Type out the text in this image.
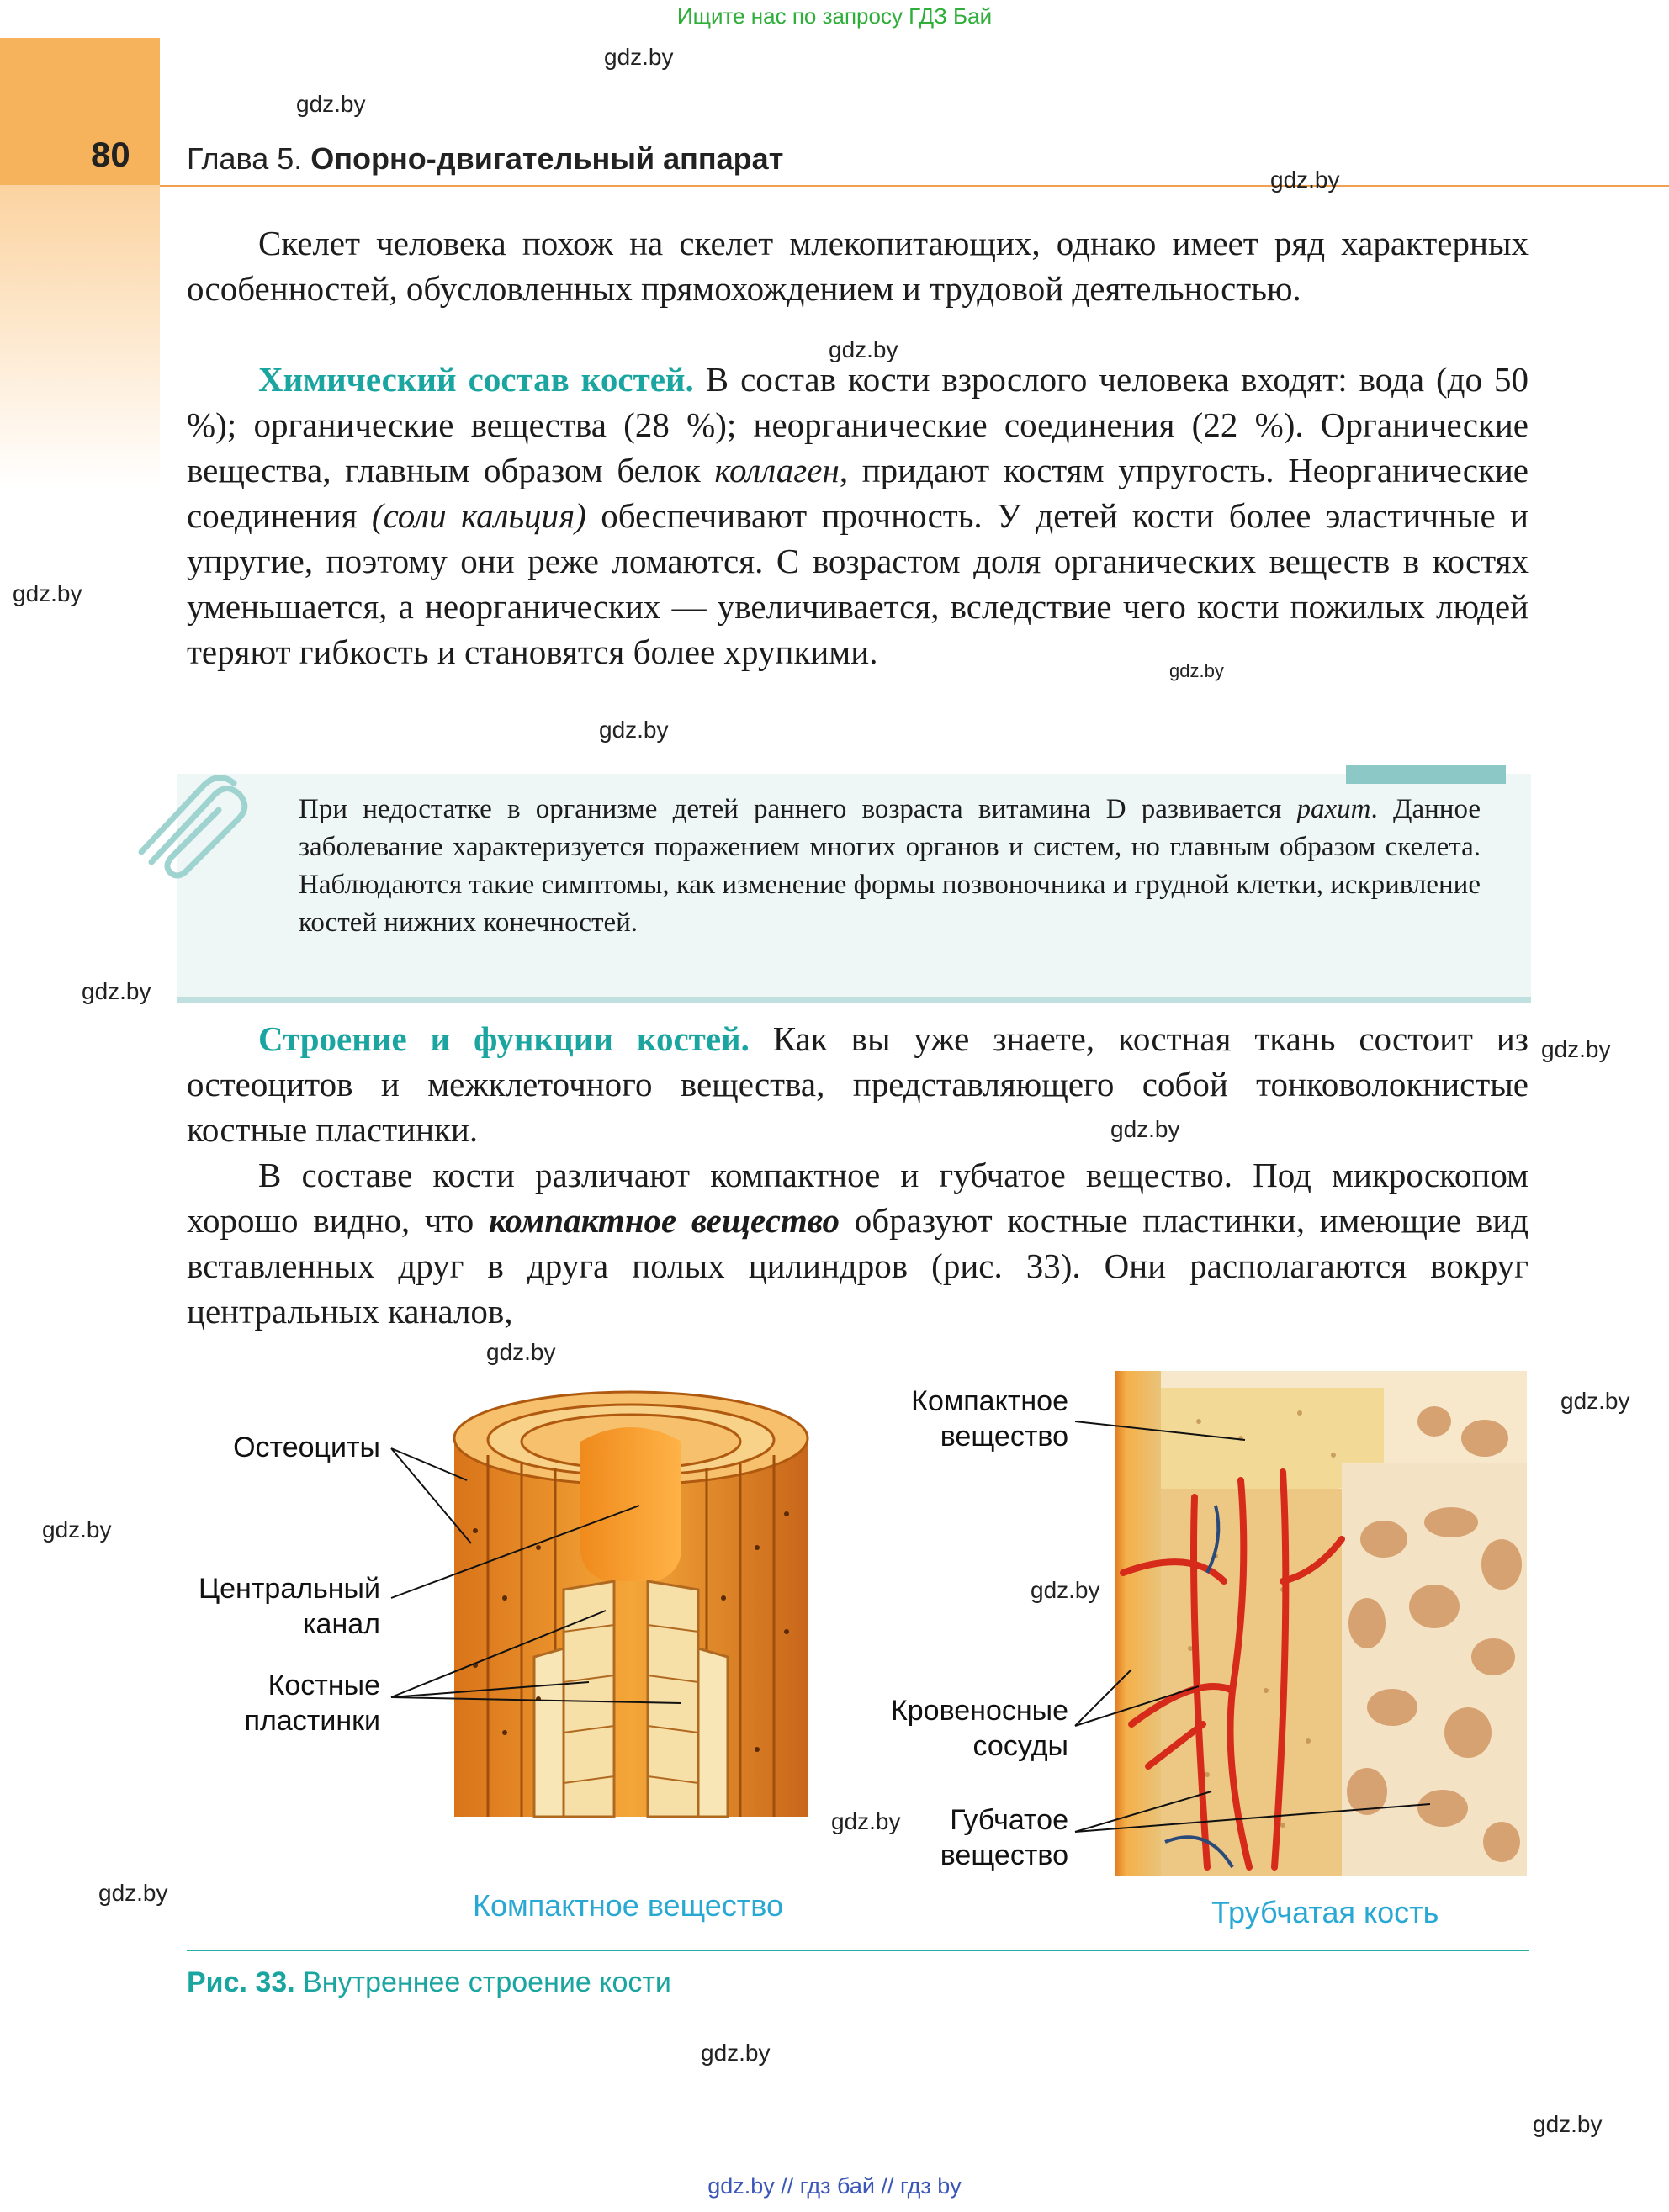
Ищите нас по запросу ГДЗ Бай
80 Глава 5. Опорно-двигательный аппарат
gdz.by
gdz.by
gdz.by
gdz.by
gdz.by
gdz.by
gdz.by
gdz.by
gdz.by
gdz.by
gdz.by
gdz.by
gdz.by
gdz.by
gdz.by
gdz.by
gdz.by
gdz.by
Скелет человека похож на скелет млекопитающих, однако имеет ряд характерных особенностей, обусловленных прямохождением и трудовой деятельностью.
Химический состав костей. В состав кости взрослого человека входят: вода (до 50 %); органические вещества (28 %); неорганические соединения (22 %). Органические вещества, главным образом белок коллаген, придают костям упругость. Неорганические соединения (соли кальция) обеспечивают прочность. У детей кости более эластичные и упругие, поэтому они реже ломаются. С возрастом доля органических веществ в костях уменьшается, а неорганических — увеличивается, вследствие чего кости пожилых людей теряют гибкость и становятся более хрупкими.
При недостатке в организме детей раннего возраста витамина D развивается рахит. Данное заболевание характеризуется поражением многих органов и систем, но главным образом скелета. Наблюдаются такие симптомы, как изменение формы позвоночника и грудной клетки, искривление костей нижних конечностей.
Строение и функции костей. Как вы уже знаете, костная ткань состоит из остеоцитов и межклеточного вещества, представляющего собой тонковолокнистые костные пластинки.
В составе кости различают компактное и губчатое вещество. Под микроскопом хорошо видно, что компактное вещество образуют костные пластинки, имеющие вид вставленных друг в друга полых цилиндров (рис. 33). Они располагаются вокруг центральных каналов,
Остеоциты
Центральный канал
Костные пластинки
Компактное вещество
Компактное вещество
Кровеносные сосуды
Губчатое вещество
Трубчатая кость
Рис. 33. Внутреннее строение кости
gdz.by // гдз бай // гдз by
